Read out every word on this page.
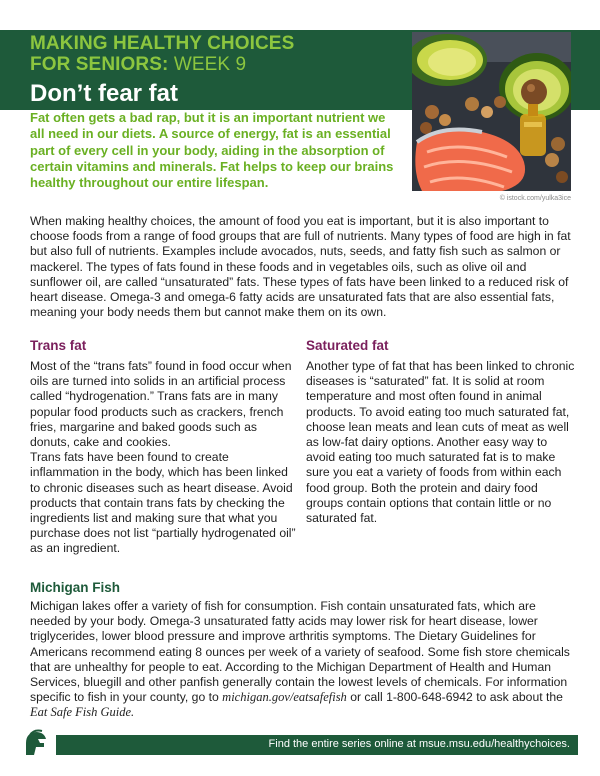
MAKING HEALTHY CHOICES
FOR SENIORS: WEEK 9
Don’t fear fat
© istock.com/yulka3ice

Fat often gets a bad rap, but it is an important nutrient we all need in our diets. A source of energy, fat is an essential part of every cell in your body, aiding in the absorption of certain vitamins and minerals. Fat helps to keep our brains healthy throughout our entire lifespan.

When making healthy choices, the amount of food you eat is important, but it is also important to choose foods from a range of food groups that are full of nutrients. Many types of food are high in fat but also full of nutrients. Examples include avocados, nuts, seeds, and fatty fish such as salmon or mackerel. The types of fats found in these foods and in vegetables oils, such as olive oil and sunflower oil, are called “unsaturated” fats. These types of fats have been linked to a reduced risk of heart disease. Omega-3 and omega-6 fatty acids are unsaturated fats that are also essential fats, meaning your body needs them but cannot make them on its own.

Trans fat	Saturated fat

Most of the “trans fats” found in food occur when oils are turned into solids in an artificial process called “hydrogenation.” Trans fats are in many popular food products such as crackers, french fries, margarine and baked goods such as donuts, cake and cookies.

Trans fats have been found to create inflammation in the body, which has been linked to chronic diseases such as heart disease. Avoid products that contain trans fats by checking the ingredients list and making sure that what you purchase does not list “partially hydrogenated oil” as an ingredient.

Another type of fat that has been linked to chronic diseases is “saturated” fat. It is solid at room temperature and most often found in animal products. To avoid eating too much saturated fat, choose lean meats and lean cuts of meat as well as low-fat dairy options. Another easy way to avoid eating too much saturated fat is to make sure you eat a variety of foods from within each food group. Both the protein and dairy food groups contain options that contain little or no saturated fat.

Michigan Fish

Michigan lakes offer a variety of fish for consumption. Fish contain unsaturated fats, which are needed by your body. Omega-3 unsaturated fatty acids may lower risk for heart disease, lower triglycerides, lower blood pressure and improve arthritis symptoms. The Dietary Guidelines for Americans recommend eating 8 ounces per week of a variety of seafood. Some fish store chemicals that are unhealthy for people to eat. According to the Michigan Department of Health and Human Services, bluegill and other panfish generally contain the lowest levels of chemicals. For information specific to fish in your county, go to michigan.gov/eatsafefish or call 1-800-648-6942 to ask about the Eat Safe Fish Guide.

Find the entire series online at msue.msu.edu/healthychoices.
